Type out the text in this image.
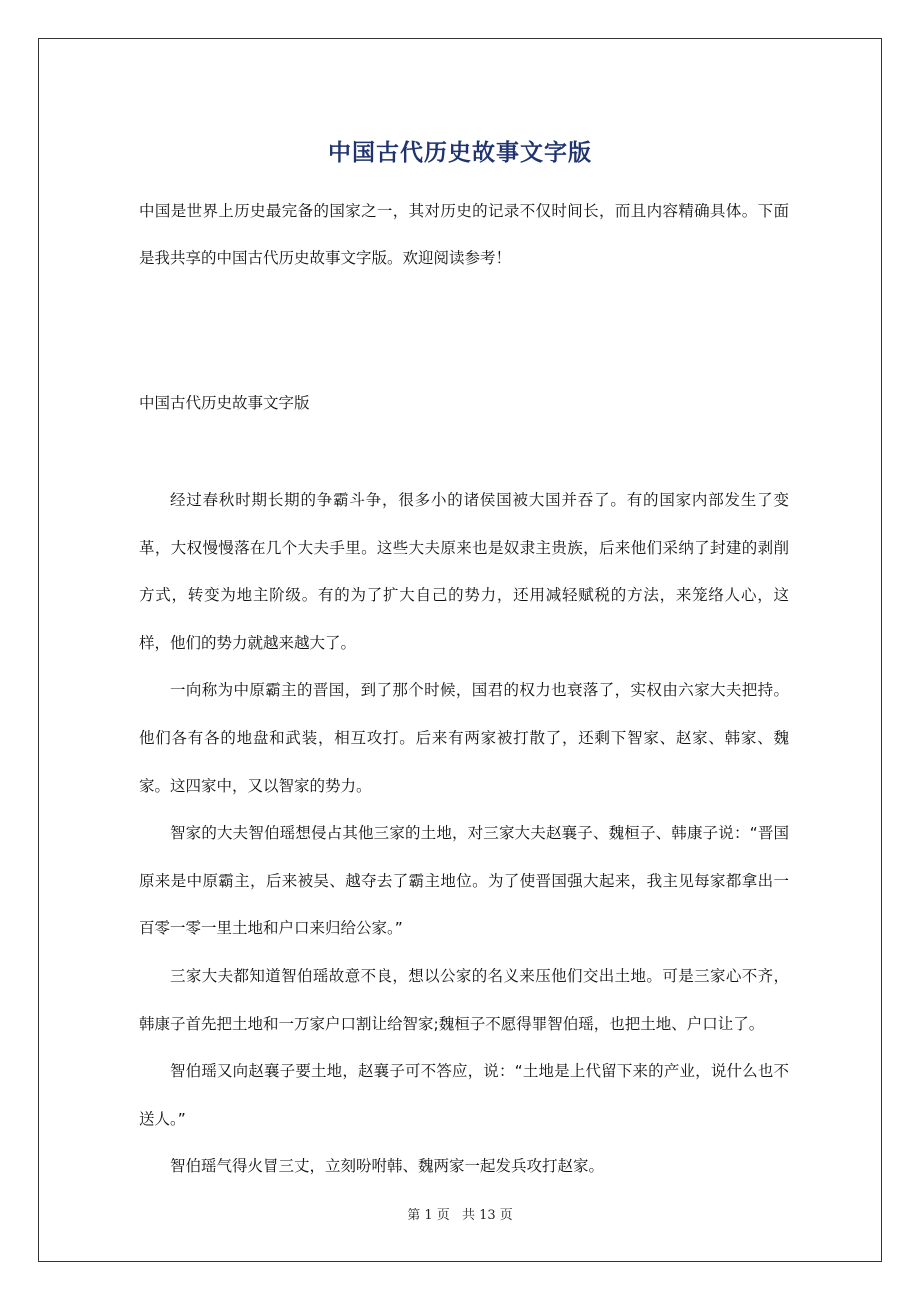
中国古代历史故事文字版

中国是世界上历史最完备的国家之一，其对历史的记录不仅时间长，而且内容精确具体。下面是我共享的中国古代历史故事文字版。欢迎阅读参考！

中国古代历史故事文字版

经过春秋时期长期的争霸斗争，很多小的诸侯国被大国并吞了。有的国家内部发生了变革，大权慢慢落在几个大夫手里。这些大夫原来也是奴隶主贵族，后来他们采纳了封建的剥削方式，转变为地主阶级。有的为了扩大自己的势力，还用减轻赋税的方法，来笼络人心，这样，他们的势力就越来越大了。

一向称为中原霸主的晋国，到了那个时候，国君的权力也衰落了，实权由六家大夫把持。他们各有各的地盘和武装，相互攻打。后来有两家被打散了，还剩下智家、赵家、韩家、魏家。这四家中，又以智家的势力。

智家的大夫智伯瑶想侵占其他三家的土地，对三家大夫赵襄子、魏桓子、韩康子说：“晋国原来是中原霸主，后来被吴、越夺去了霸主地位。为了使晋国强大起来，我主见每家都拿出一百零一零一里土地和户口来归给公家。”

三家大夫都知道智伯瑶故意不良，想以公家的名义来压他们交出土地。可是三家心不齐，韩康子首先把土地和一万家户口割让给智家;魏桓子不愿得罪智伯瑶，也把土地、户口让了。

智伯瑶又向赵襄子要土地，赵襄子可不答应，说：“土地是上代留下来的产业，说什么也不送人。”

智伯瑶气得火冒三丈，立刻吩咐韩、魏两家一起发兵攻打赵家。

第 1 页 共 13 页
